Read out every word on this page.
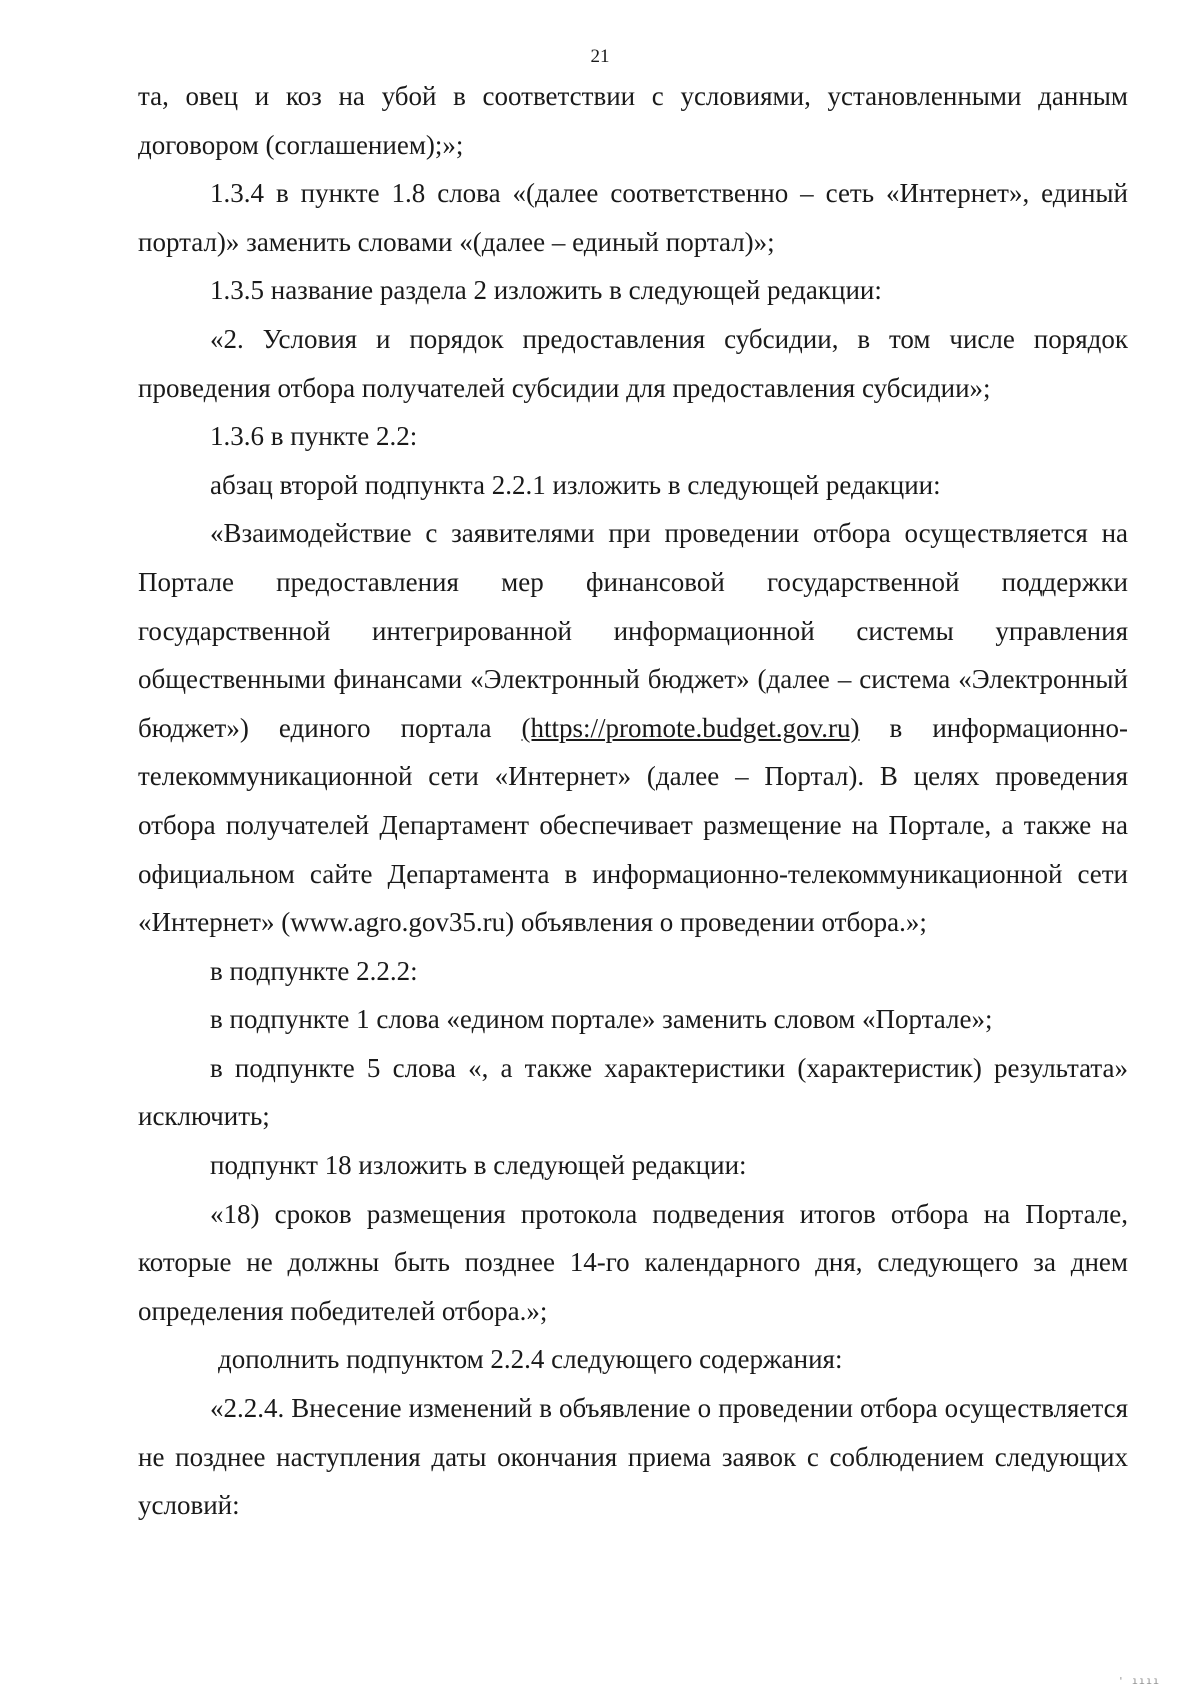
21

та, овец и коз на убой в соответствии с условиями, установленными данным договором (соглашением);»;

1.3.4 в пункте 1.8 слова «(далее соответственно – сеть «Интернет», единый портал)» заменить словами «(далее – единый портал)»;

1.3.5 название раздела 2 изложить в следующей редакции:

«2. Условия и порядок предоставления субсидии, в том числе порядок проведения отбора получателей субсидии для предоставления субсидии»;

1.3.6 в пункте 2.2:

абзац второй подпункта 2.2.1 изложить в следующей редакции:

«Взаимодействие с заявителями при проведении отбора осуществляется на Портале предоставления мер финансовой государственной поддержки государственной интегрированной информационной системы управления общественными финансами «Электронный бюджет» (далее – система «Электронный бюджет») единого портала (https://promote.budget.gov.ru) в информационно-телекоммуникационной сети «Интернет» (далее – Портал). В целях проведения отбора получателей Департамент обеспечивает размещение на Портале, а также на официальном сайте Департамента в информационно-телекоммуникационной сети «Интернет» (www.agro.gov35.ru) объявления о проведении отбора.»;

в подпункте 2.2.2:

в подпункте 1 слова «едином портале» заменить словом «Портале»;

в подпункте 5 слова «, а также характеристики (характеристик) результата» исключить;

подпункт 18 изложить в следующей редакции:

«18) сроков размещения протокола подведения итогов отбора на Портале, которые не должны быть позднее 14-го календарного дня, следующего за днем определения победителей отбора.»;

дополнить подпунктом 2.2.4 следующего содержания:

«2.2.4. Внесение изменений в объявление о проведении отбора осуществляется не позднее наступления даты окончания приема заявок с соблюдением следующих условий:

' ıııı
